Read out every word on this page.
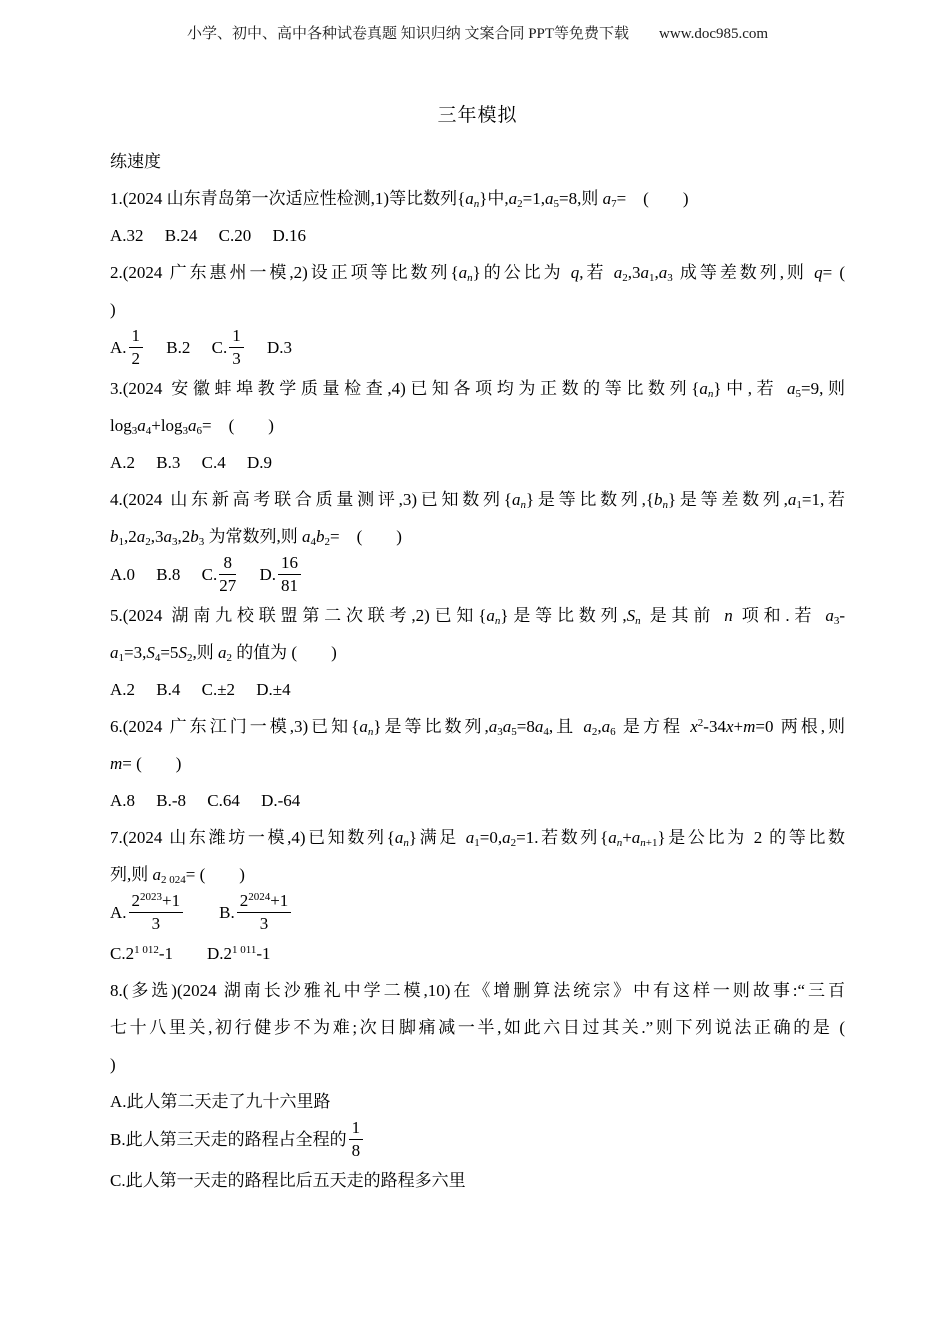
小学、初中、高中各种试卷真题 知识归纳 文案合同 PPT等免费下载 www.doc985.com
三年模拟

练速度

1.(2024 山东青岛第一次适应性检测,1)等比数列$\{a_n\}$中$,a_2=1,a_5=8$,则 $a_7=$　(　　)

A.32　 B.24　 C.20　 D.16

2.(2024 广东惠州一模,2)设正项等比数列$\{a_n\}$的公比为 q,若 $a_2,3a_1,a_3$ 成等差数列,则 q= (

)

A. $\frac{1}{2}$ 　 B.2　 C. $\frac{1}{3}$ 　 D.3

3.(2024 安徽蚌埠教学质量检查,4)已知各项均为正数的等比数列$\{a_n\}$中,若 $a_5=9$,则

$\log_3a_4+\log_3a_6=$　(　　)

A.2　 B.3　 C.4　 D.9

4.(2024 山东新高考联合质量测评,3)已知数列$\{a_n\}$是等比数列$,\{b_n\}$是等差数列$,a_1=1$,若

$b_1,2a_2,3a_3,2b_3$ 为常数列,则 $a_4b_2=$　(　　)

A.0　 B.8　 C. $\frac{8}{27}$ 　 D. $\frac{16}{81}$

5.(2024 湖南九校联盟第二次联考,2)已知$\{a_n\}$是等比数列$,S_n$ 是其前 n 项和.若 $a_3-$

$a_1=3,S_4=5S_2$,则 $a_2$ 的值为 (　　)

A.2　 B.4　 C.±2　 D.±4

6.(2024 广东江门一模,3)已知$\{a_n\}$是等比数列$,a_3a_5=8a_4$,且 $a_2,a_6$ 是方程 $x^2-34x+m=0$ 两根,则

m= (　　)

A.8　 B.-8　 C.64　 D.-64

7.(2024 山东潍坊一模,4)已知数列$\{a_n\}$满足 $a_1=0,a_2=1$.若数列$\{a_n+a_{n+1}\}$是公比为 2 的等比数

列,则 $a_{2 024}=$ (　　)

A. $\frac{2^{2023}+1}{3}$ 　　B. $\frac{2^{2024}+1}{3}$

$C.2^{1 012}-1$　　$D.2^{1 011}-1$

8.(多选)(2024 湖南长沙雅礼中学二模,10)在《增删算法统宗》中有这样一则故事:“三百

七十八里关,初行健步不为难;次日脚痛减一半,如此六日过其关.”则下列说法正确的是 (

)

A.此人第二天走了九十六里路

B.此人第三天走的路程占全程的 $\frac{1}{8}$

C.此人第一天走的路程比后五天走的路程多六里
